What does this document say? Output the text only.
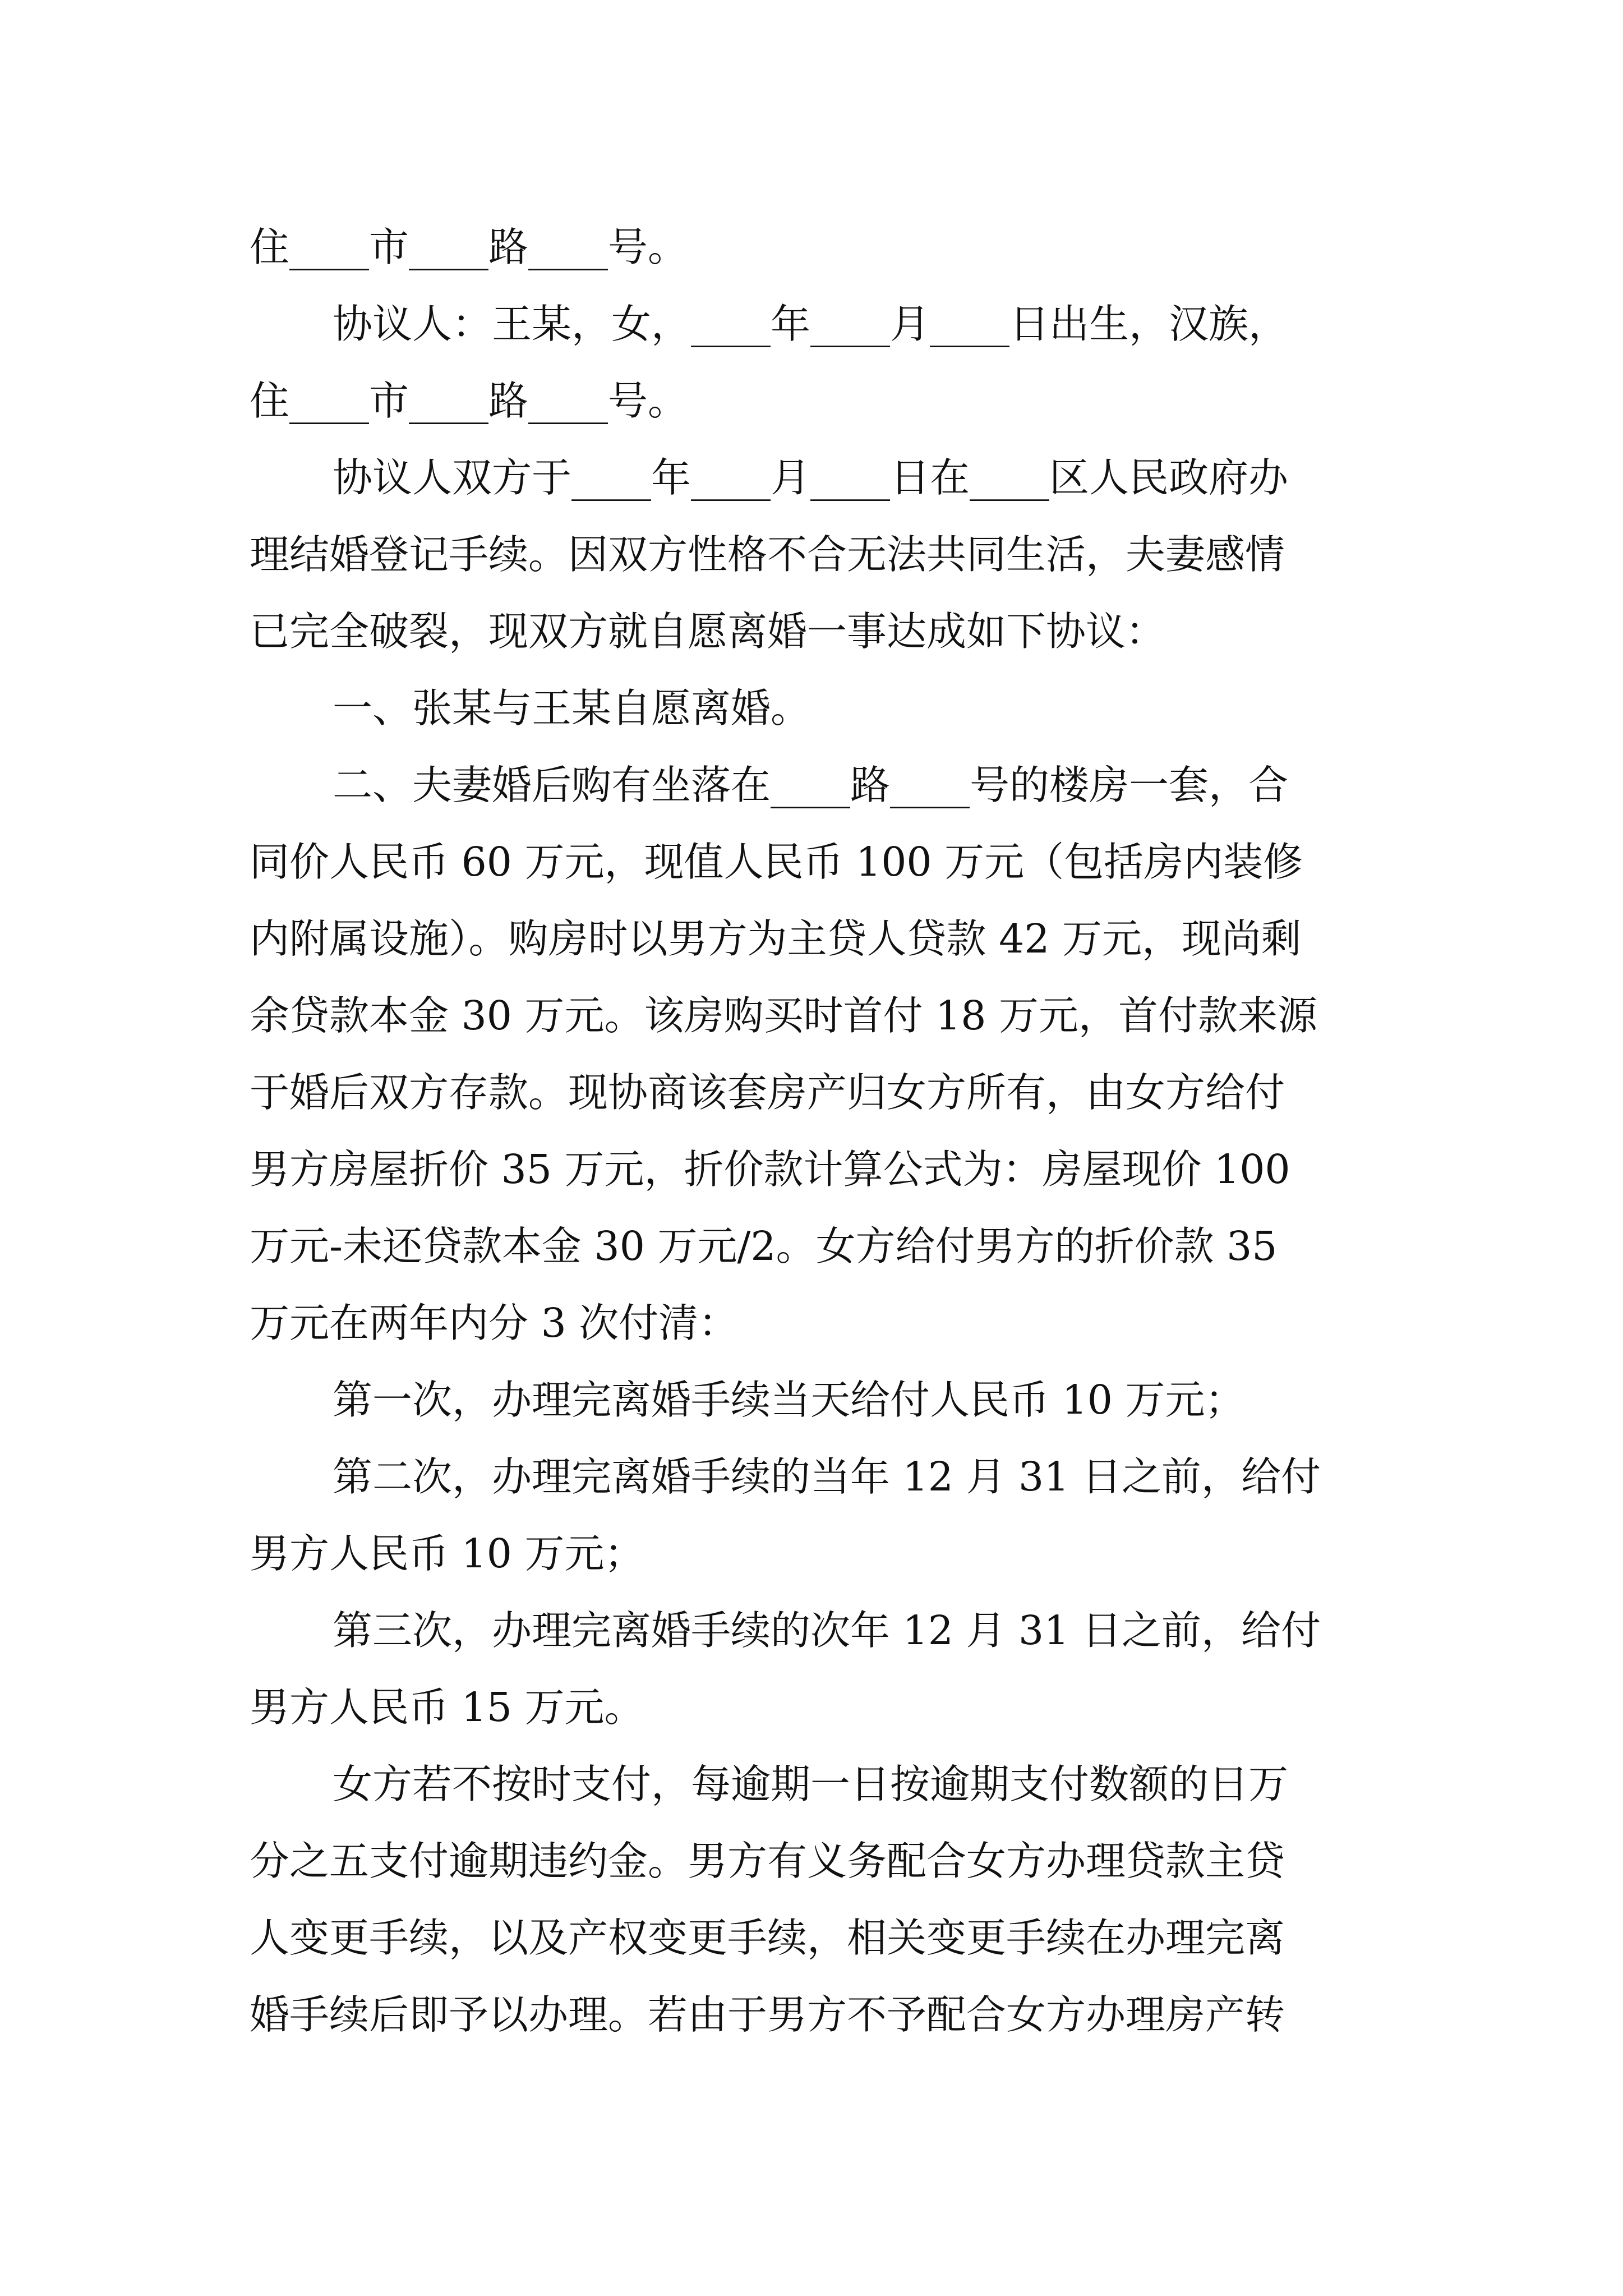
住____市____路____号。
协议人：王某，女，____年____月____日出生，汉族，
住____市____路____号。
协议人双方于____年____月____日在____区人民政府办
理结婚登记手续。因双方性格不合无法共同生活，夫妻感情
已完全破裂，现双方就自愿离婚一事达成如下协议：
一、张某与王某自愿离婚。
二、夫妻婚后购有坐落在____路____号的楼房一套，合
同价人民币 60 万元，现值人民币 100 万元（包括房内装修
内附属设施）。购房时以男方为主贷人贷款 42 万元，现尚剩
余贷款本金 30 万元。该房购买时首付 18 万元，首付款来源
于婚后双方存款。现协商该套房产归女方所有，由女方给付
男方房屋折价 35 万元，折价款计算公式为：房屋现价 100
万元-未还贷款本金 30 万元/2。女方给付男方的折价款 35
万元在两年内分 3 次付清：
第一次，办理完离婚手续当天给付人民币 10 万元；
第二次，办理完离婚手续的当年 12 月 31 日之前，给付
男方人民币 10 万元；
第三次，办理完离婚手续的次年 12 月 31 日之前，给付
男方人民币 15 万元。
女方若不按时支付，每逾期一日按逾期支付数额的日万
分之五支付逾期违约金。男方有义务配合女方办理贷款主贷
人变更手续，以及产权变更手续，相关变更手续在办理完离
婚手续后即予以办理。若由于男方不予配合女方办理房产转
